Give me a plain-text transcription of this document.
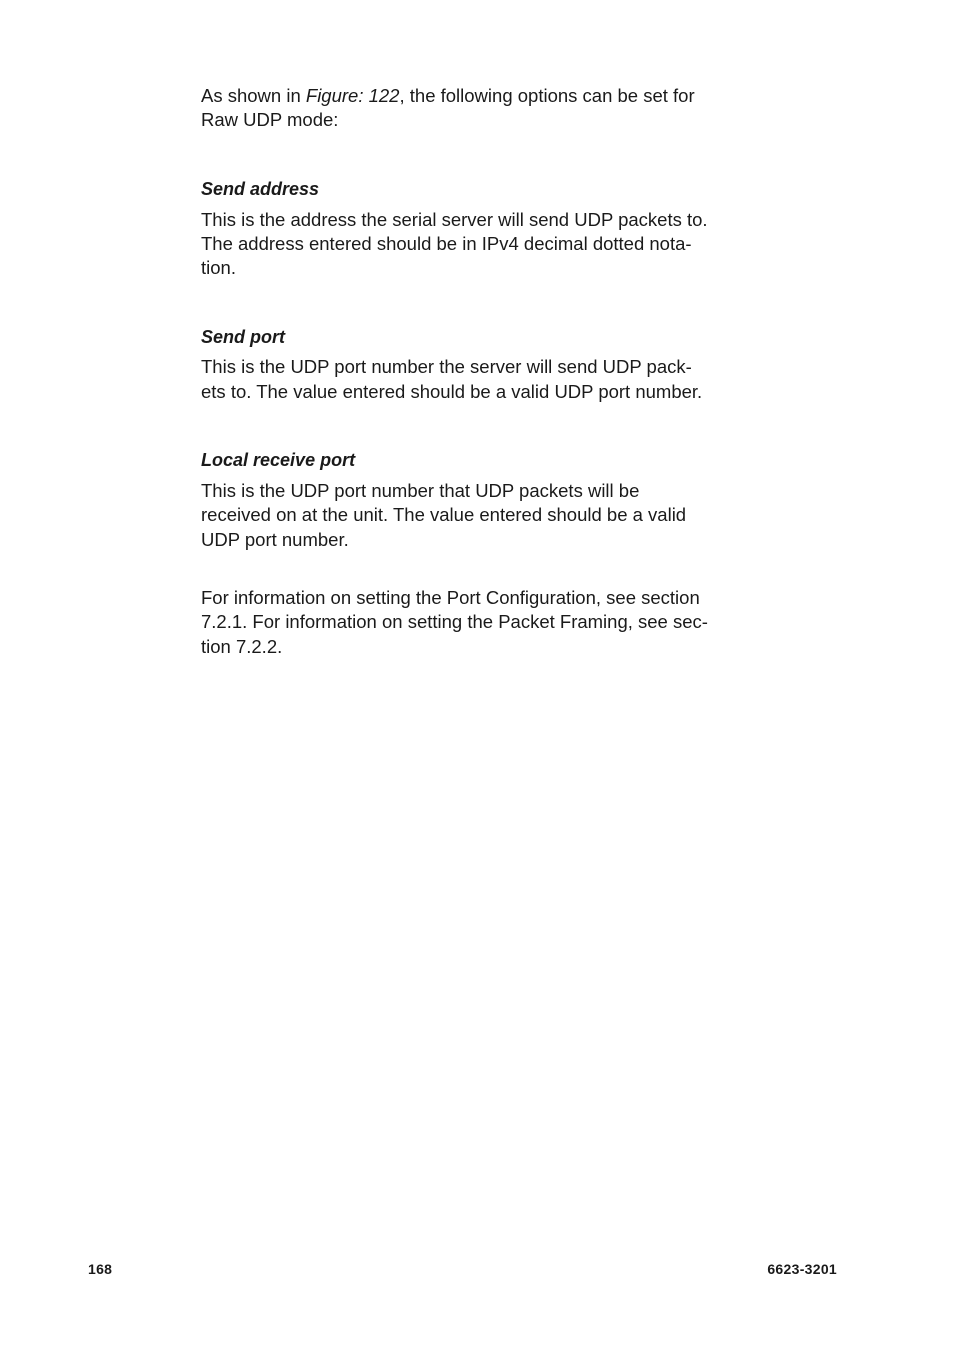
As shown in Figure: 122, the following options can be set for
Raw UDP mode:

Send address

This is the address the serial server will send UDP packets to.
The address entered should be in IPv4 decimal dotted nota-
tion.

Send port

This is the UDP port number the server will send UDP pack-
ets to. The value entered should be a valid UDP port number.

Local receive port

This is the UDP port number that UDP packets will be
received on at the unit. The value entered should be a valid
UDP port number.

For information on setting the Port Configuration, see section
7.2.1. For information on setting the Packet Framing, see sec-
tion 7.2.2.

168	6623-3201
